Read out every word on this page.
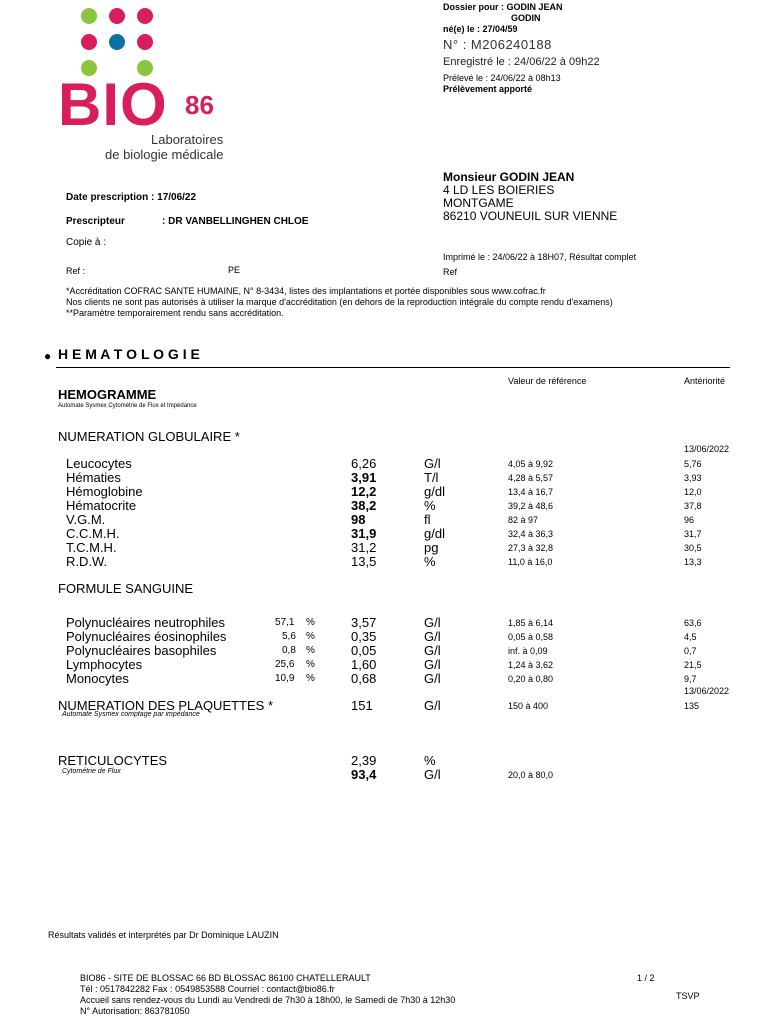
BIO 86
Laboratoires
de biologie médicale
Dossier pour : GODIN JEAN
GODIN
né(e) le : 27/04/59
N° : M206240188
Enregistré le : 24/06/22 à 09h22
Prélevé le : 24/06/22 à 08h13
Prélèvement apporté
Monsieur GODIN JEAN
4 LD LES BOIERIES
MONTGAME
86210 VOUNEUIL SUR VIENNE
Date prescription : 17/06/22
Prescripteur	: DR VANBELLINGHEN CHLOE
Copie à :
Ref :	PE
Imprimé le : 24/06/22 à 18H07, Résultat complet
Ref
*Accréditation COFRAC SANTE HUMAINE, N° 8-3434, listes des implantations et portée disponibles sous www.cofrac.fr
Nos clients ne sont pas autorisés à utiliser la marque d'accréditation (en dehors de la reproduction intégrale du compte rendu d'examens)
**Paramètre temporairement rendu sans accréditation.
● H E M A T O L O G I E
Valeur de référence	Antériorité
HEMOGRAMME
Automate Sysmex Cytométrie de Flux et Impédance
NUMERATION GLOBULAIRE *
13/06/2022
Leucocytes	6,26	G/l	4,05 à 9,92	5,76
Hématies	3,91	T/l	4,28 à 5,57	3,93
Hémoglobine	12,2	g/dl	13,4 à 16,7	12,0
Hématocrite	38,2	%	39,2 à 48,6	37,8
V.G.M.	98	fl	82 à 97	96
C.C.M.H.	31,9	g/dl	32,4 à 36,3	31,7
T.C.M.H.	31,2	pg	27,3 à 32,8	30,5
R.D.W.	13,5	%	11,0 à 16,0	13,3
FORMULE SANGUINE
Polynucléaires neutrophiles	57,1 %	3,57	G/l	1,85 à 6,14	63,6
Polynucléaires éosinophiles	5,6 %	0,35	G/l	0,05 à 0,58	4,5
Polynucléaires basophiles	0,8 %	0,05	G/l	inf. à 0,09	0,7
Lymphocytes	25,6 %	1,60	G/l	1,24 à 3,62	21,5
Monocytes	10,9 %	0,68	G/l	0,20 à 0,80	9,7
13/06/2022
NUMERATION DES PLAQUETTES *	151	G/l	150 à 400	135
Automate Sysmex comptage par impédance
RETICULOCYTES	2,39	%
Cytométrie de Flux	93,4	G/l	20,0 à 80,0
Résultats validés et interprétés par Dr Dominique LAUZIN
BIO86 - SITE DE BLOSSAC 66 BD BLOSSAC 86100 CHATELLERAULT
Tél : 0517842282 Fax : 0549853588 Courriel : contact@bio86.fr
Accueil sans rendez-vous du Lundi au Vendredi de 7h30 à 18h00, le Samedi de 7h30 à 12h30
N° Autorisation: 863781050
1 / 2
TSVP
